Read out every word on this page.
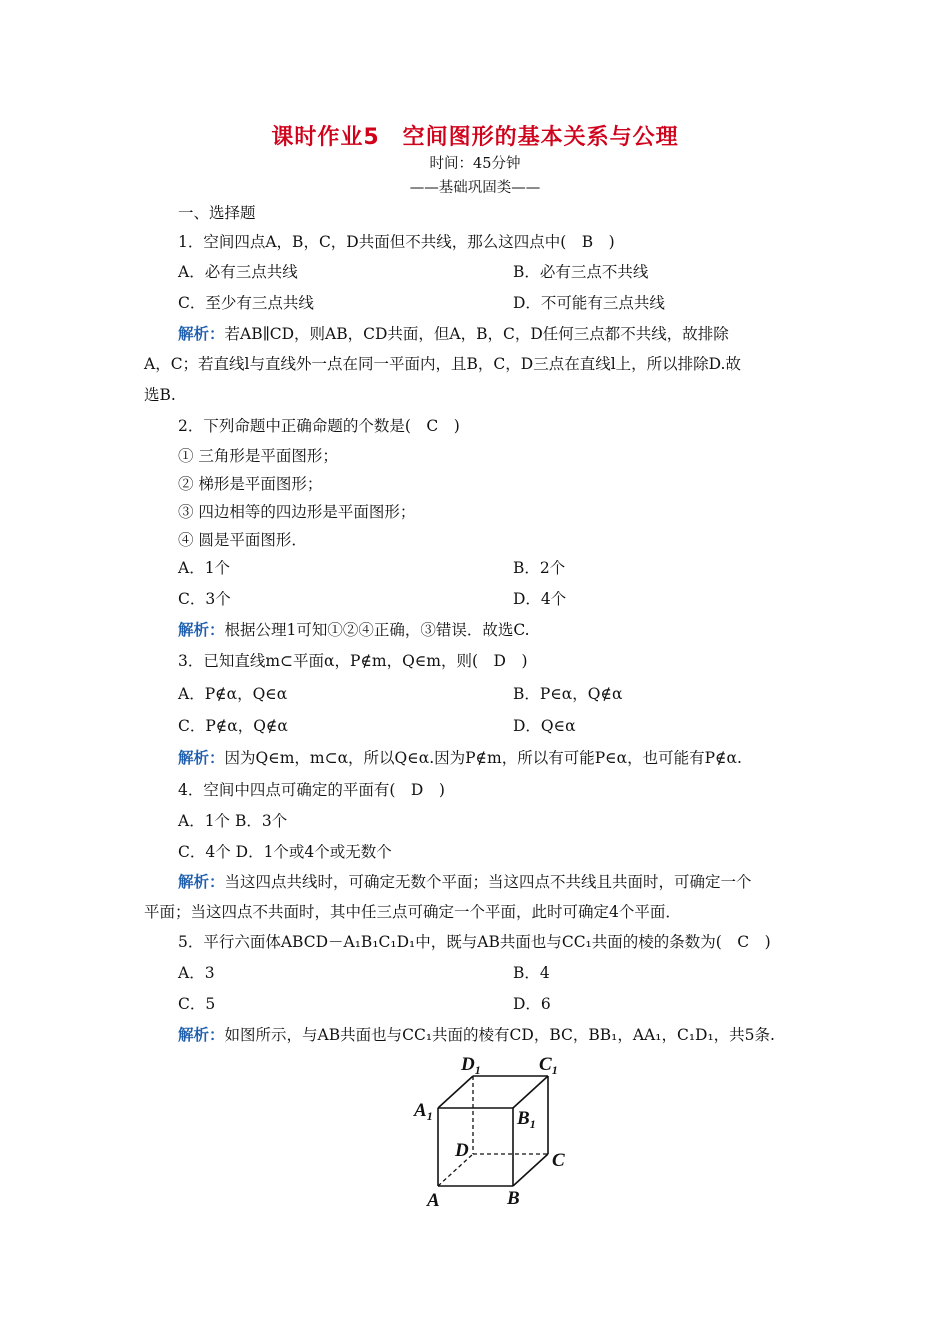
课时作业5　空间图形的基本关系与公理
时间：45分钟
——基础巩固类——
一、选择题
1．空间四点A，B，C，D共面但不共线，那么这四点中(　B　)
A．必有三点共线	B．必有三点不共线
C．至少有三点共线	D．不可能有三点共线
解析：若AB∥CD，则AB，CD共面，但A，B，C，D任何三点都不共线，故排除
A，C；若直线l与直线外一点在同一平面内，且B，C，D三点在直线l上，所以排除D.故
选B.
2．下列命题中正确命题的个数是(　C　)
① 三角形是平面图形；
② 梯形是平面图形；
③ 四边相等的四边形是平面图形；
④ 圆是平面图形．
A．1个	B．2个
C．3个	D．4个
解析：根据公理1可知①②④正确，③错误．故选C.
3．已知直线m⊂平面α，P∉m，Q∈m，则(　D　)
A．P∉α，Q∈α	B．P∈α，Q∉α
C．P∉α，Q∉α	D．Q∈α
解析：因为Q∈m，m⊂α，所以Q∈α.因为P∉m，所以有可能P∈α，也可能有P∉α.
4．空间中四点可确定的平面有(　D　)
A．1个 B．3个
C．4个 D．1个或4个或无数个
解析：当这四点共线时，可确定无数个平面；当这四点不共线且共面时，可确定一个
平面；当这四点不共面时，其中任三点可确定一个平面，此时可确定4个平面．
5．平行六面体ABCD－A₁B₁C₁D₁中，既与AB共面也与CC₁共面的棱的条数为(　C　)
A．3	B．4
C．5	D．6
解析：如图所示，与AB共面也与CC₁共面的棱有CD，BC，BB₁，AA₁，C₁D₁，共5条.
$D_1$	$C_1$
$A_1$	$B_1$
D	C
A	B
